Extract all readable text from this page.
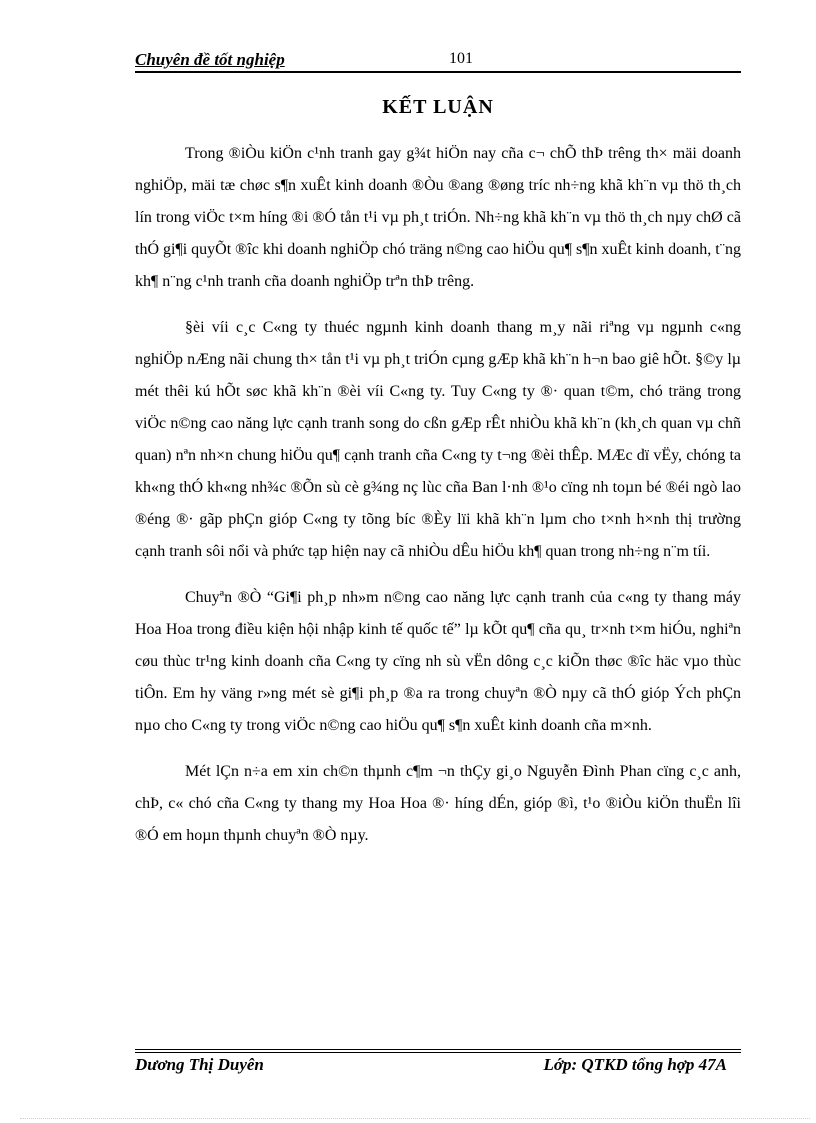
Chuyên đề tốt nghiệp	101
KẾT LUẬN

Trong ®iÒu kiÖn c¹nh tranh gay g¾t hiÖn nay cña c¬ chÕ thÞ trêng th× mäi doanh nghiÖp, mäi tæ chøc s¶n xuÊt kinh doanh ®Òu ®ang ®øng tríc nh÷ng khã kh¨n vµ thö th¸ch lín trong viÖc t×m híng ®i ®Ó tån t¹i vµ ph¸t triÓn. Nh÷ng khã kh¨n vµ thö th¸ch nµy chØ cã thÓ gi¶i quyÕt ®îc khi doanh nghiÖp chó träng n©ng cao hiÖu qu¶ s¶n xuÊt kinh doanh, t¨ng kh¶ n¨ng c¹nh tranh cña doanh nghiÖp trªn thÞ trêng.

§èi víi c¸c C«ng ty thuéc ngµnh kinh doanh thang m¸y nãi riªng vµ ngµnh c«ng nghiÖp nÆng nãi chung th× tån t¹i vµ ph¸t triÓn cµng gÆp khã kh¨n h¬n bao giê hÕt. §©y lµ mét thêi kú hÕt søc khã kh¨n ®èi víi C«ng ty. Tuy C«ng ty ®· quan t©m, chó träng trong viÖc n©ng cao năng lực cạnh tranh song do cßn gÆp rÊt nhiÒu khã kh¨n (kh¸ch quan vµ chñ quan) nªn nh×n chung hiÖu qu¶ cạnh tranh cña C«ng ty t¬ng ®èi thÊp. MÆc dï vËy, chóng ta kh«ng thÓ kh«ng nh¾c ®Õn sù cè g¾ng nç lùc cña Ban l·nh ®¹o cïng nh toµn bé ®éi ngò lao ®éng ®· gãp phÇn gióp C«ng ty tõng bíc ®Èy lïi khã kh¨n lµm cho t×nh h×nh thị trường cạnh tranh sôi nổi và phức tạp hiện nay cã nhiÒu dÊu hiÖu kh¶ quan trong nh÷ng n¨m tíi.

Chuyªn ®Ò “Gi¶i ph¸p nh»m n©ng cao năng lực cạnh tranh của c«ng ty thang máy Hoa Hoa trong điều kiện hội nhập kinh tế quốc tế” lµ kÕt qu¶ cña qu¸ tr×nh t×m hiÓu, nghiªn cøu thùc tr¹ng kinh doanh cña C«ng ty cïng nh sù vËn dông c¸c kiÕn thøc ®îc häc vµo thùc tiÔn. Em hy väng r»ng mét sè gi¶i ph¸p ®a ra trong chuyªn ®Ò nµy cã thÓ gióp Ých phÇn nµo cho C«ng ty trong viÖc n©ng cao hiÖu qu¶ s¶n xuÊt kinh doanh cña m×nh.

Mét lÇn n÷a em xin ch©n thµnh c¶m ¬n thÇy gi¸o Nguyễn Đình Phan cïng c¸c anh, chÞ, c« chó cña C«ng ty thang my Hoa Hoa ®· híng dÉn, gióp ®ì, t¹o ®iÒu kiÖn thuËn lîi ®Ó em hoµn thµnh chuyªn ®Ò nµy.

Dương Thị Duyên	Lớp: QTKD tổng hợp 47A
